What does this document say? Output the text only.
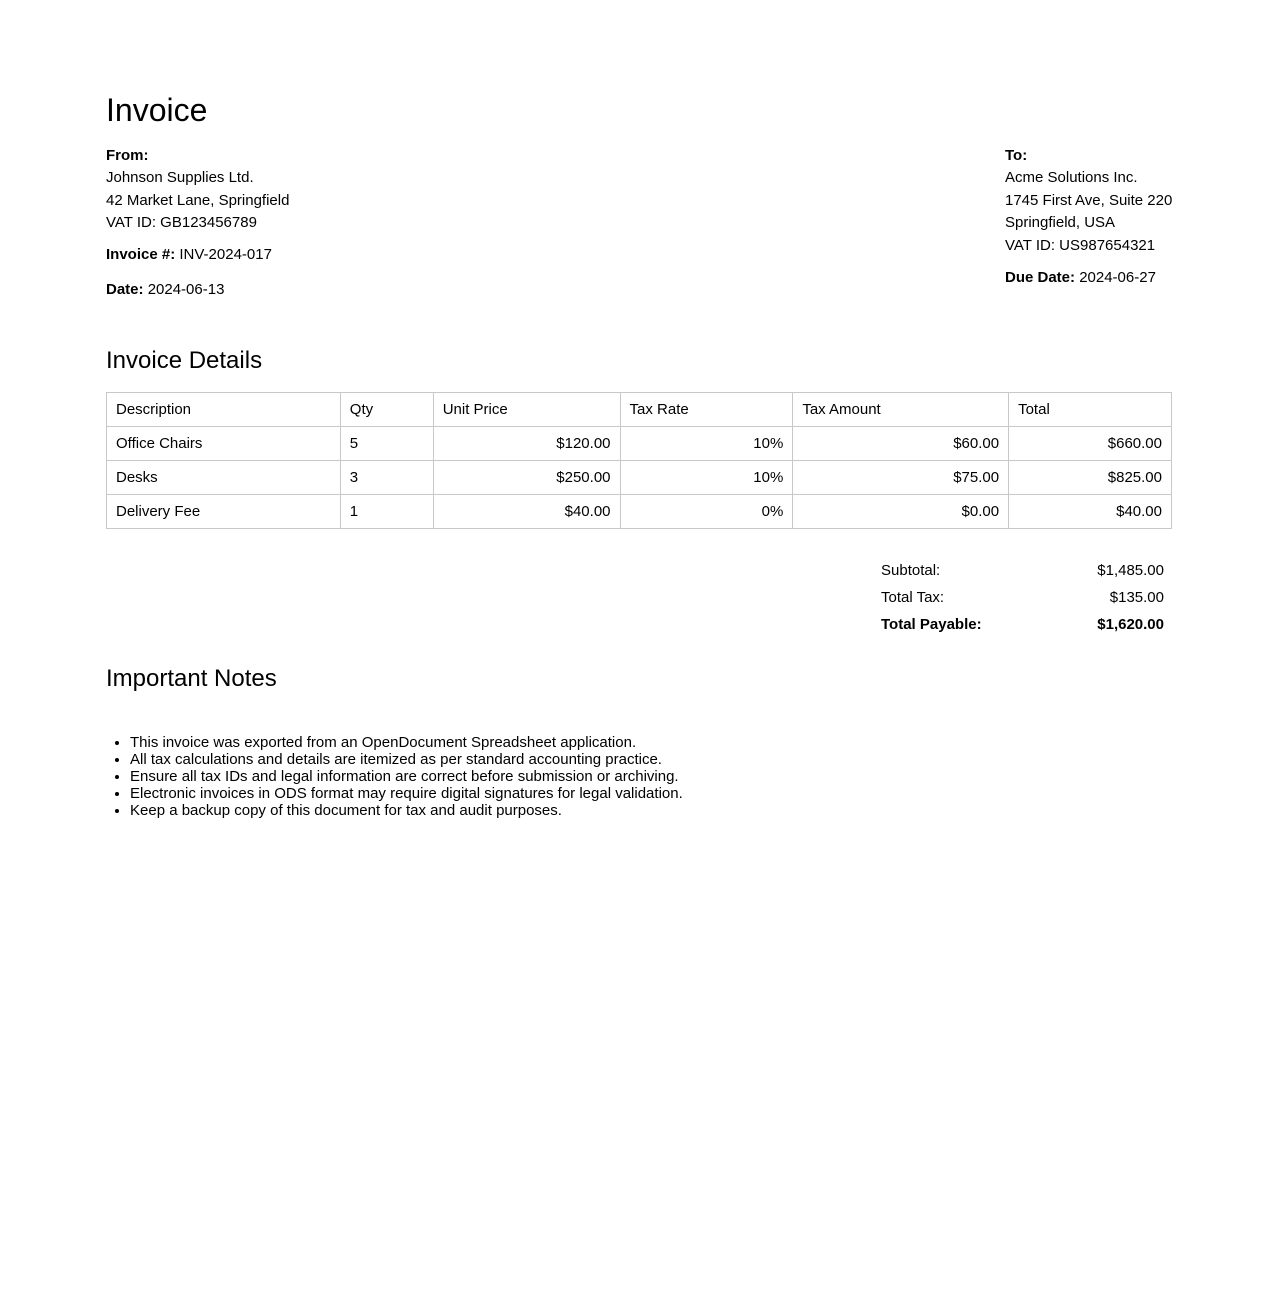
Invoice
From:
Johnson Supplies Ltd.
42 Market Lane, Springfield
VAT ID: GB123456789
Invoice #: INV-2024-017
Date: 2024-06-13
To:
Acme Solutions Inc.
1745 First Ave, Suite 220
Springfield, USA
VAT ID: US987654321
Due Date: 2024-06-27
Invoice Details
Description	Qty	Unit Price	Tax Rate	Tax Amount	Total
Office Chairs	5	$120.00	10%	$60.00	$660.00
Desks	3	$250.00	10%	$75.00	$825.00
Delivery Fee	1	$40.00	0%	$0.00	$40.00
Subtotal:	$1,485.00
Total Tax:	$135.00
Total Payable:	$1,620.00
Important Notes
• This invoice was exported from an OpenDocument Spreadsheet application.
• All tax calculations and details are itemized as per standard accounting practice.
• Ensure all tax IDs and legal information are correct before submission or archiving.
• Electronic invoices in ODS format may require digital signatures for legal validation.
• Keep a backup copy of this document for tax and audit purposes.
